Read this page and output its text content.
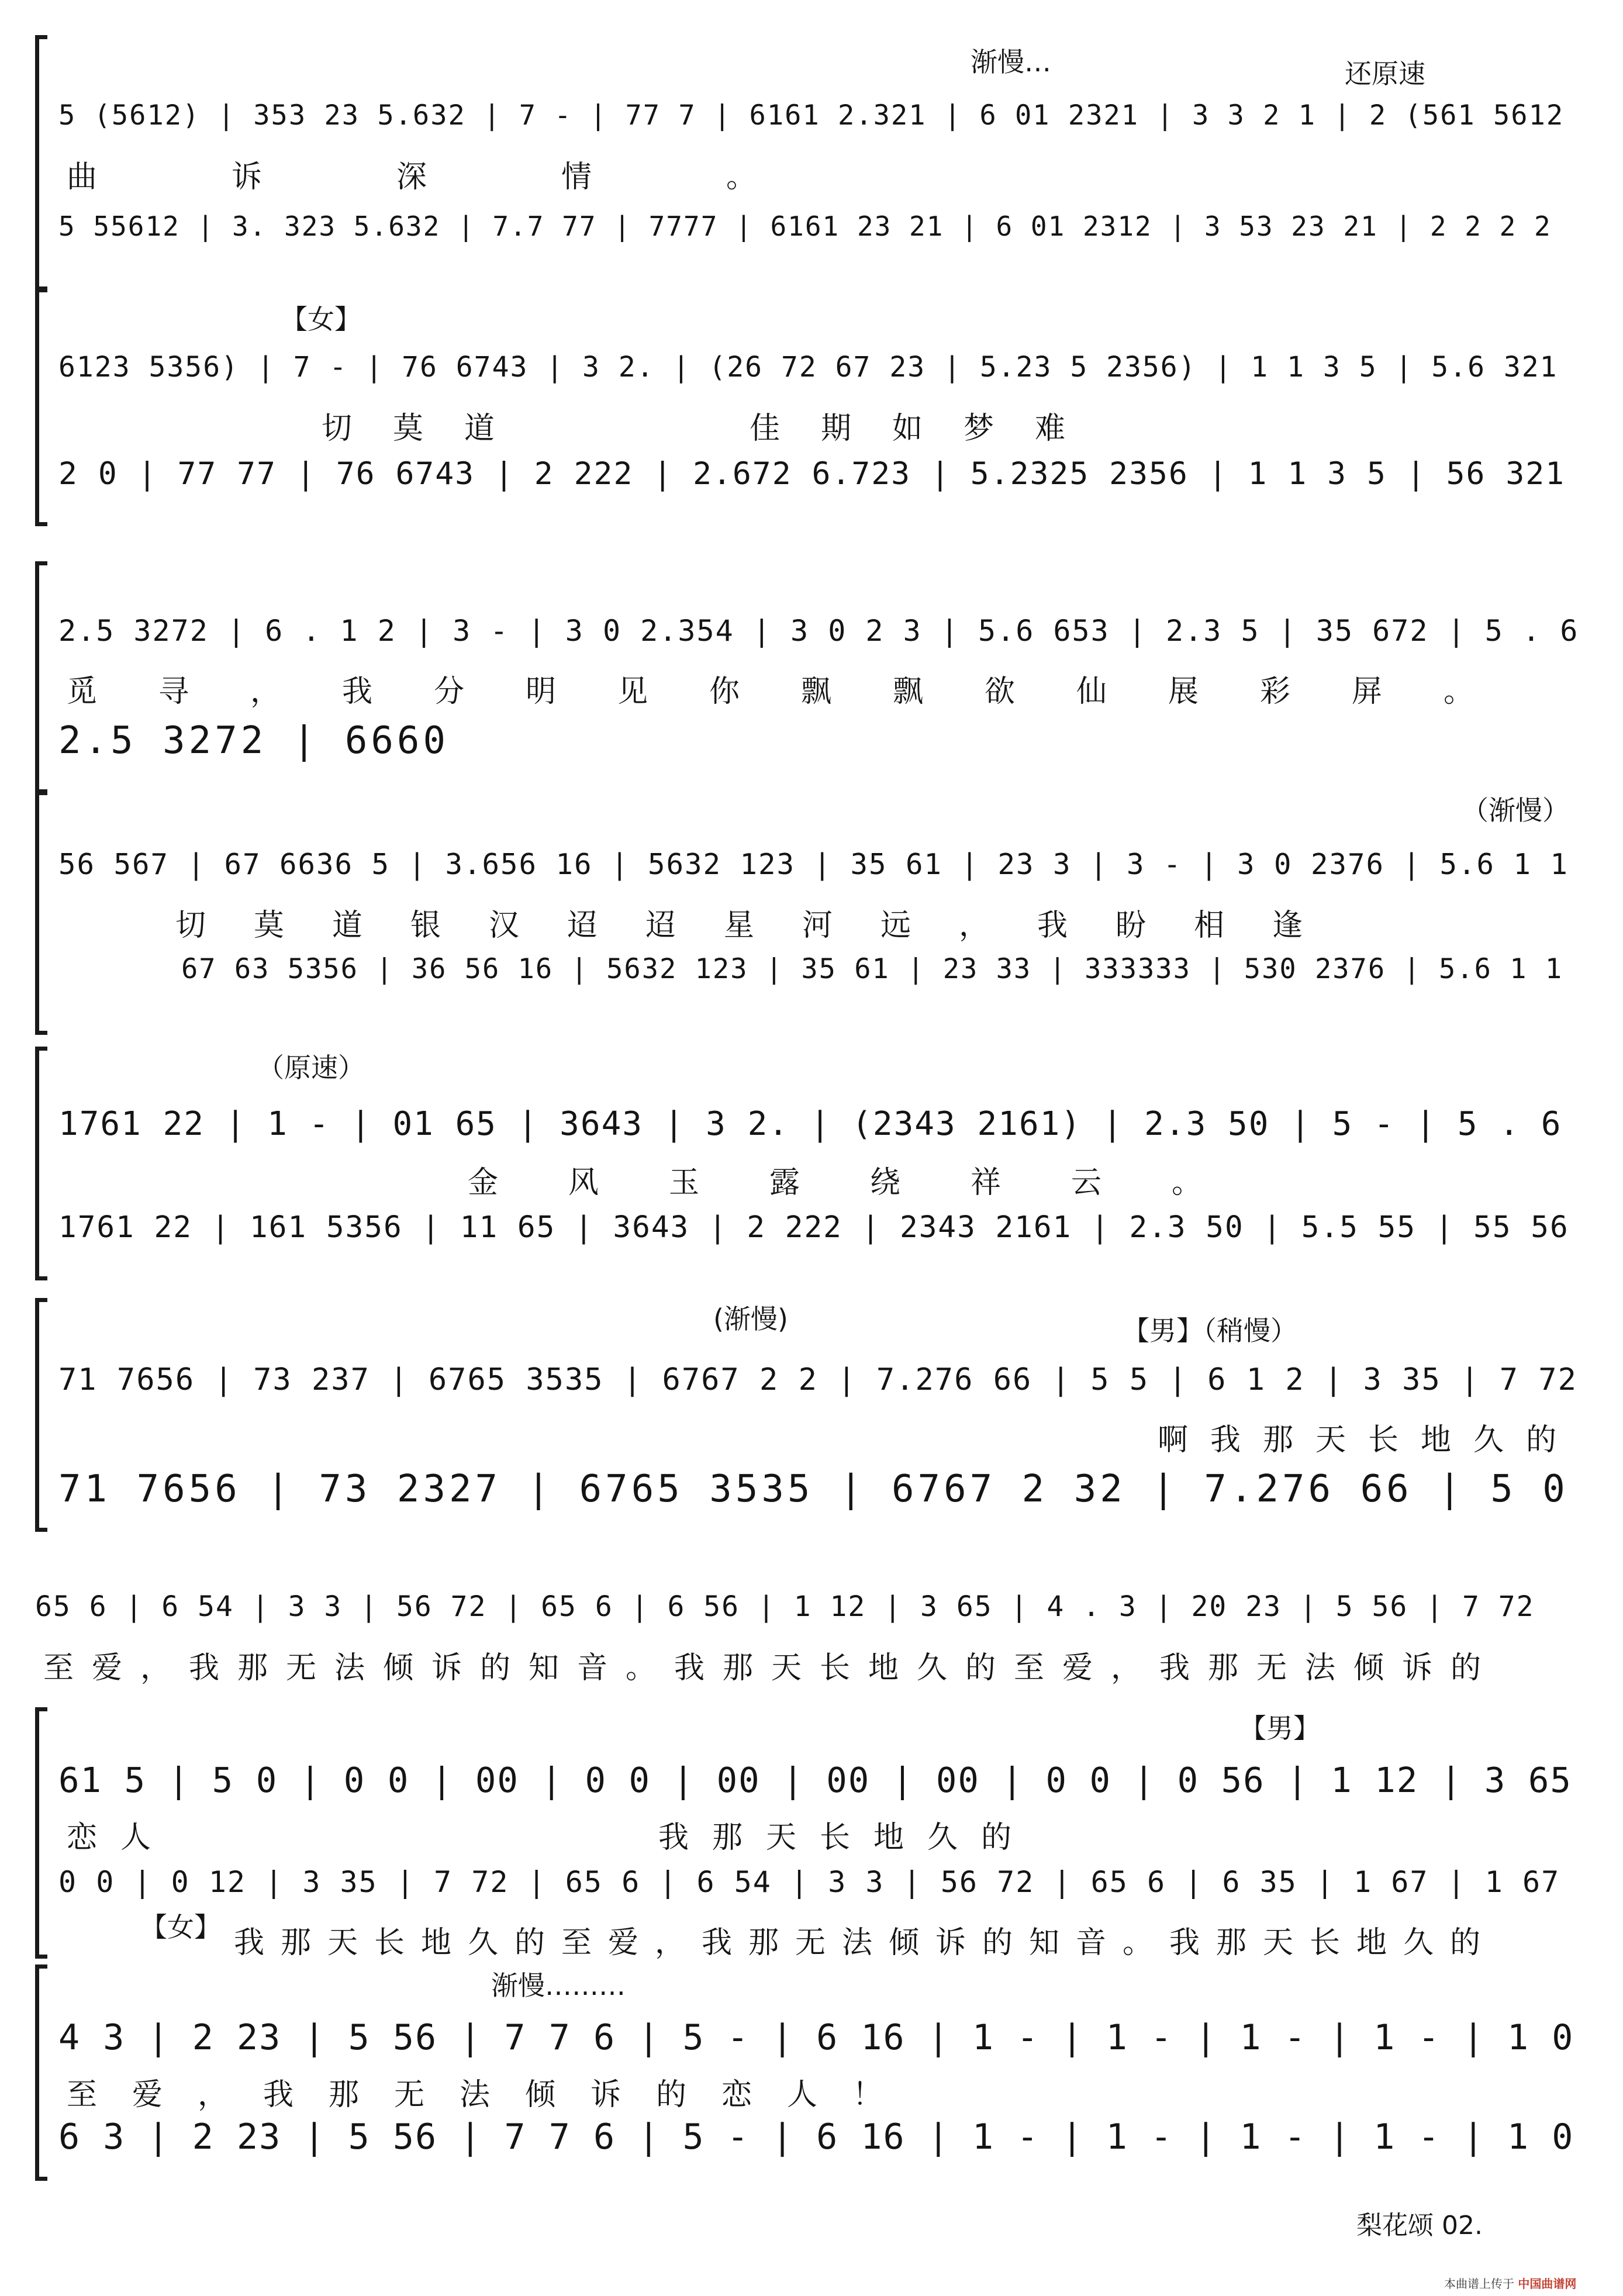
渐慢…	还原速
5 (5612) | 353 23 5.632 | 7 - | 77 7 | 6161 2.321 | 6 01 2321 | 3 3 2 1 | 2 (561 5612
曲诉深情。
5 55612 | 3. 323 5.632 | 7.7 77 | 7777 | 6161 23 21 | 6 01 2312 | 3 53 23 21 | 2 2 2 2
【女】
6123 5356) | 7 - | 76 6743 | 3 2. | (26 72 67 23 | 5.23 5 2356) | 1 1 3 5 | 5.6 321
切莫道　　　佳期如梦难
2 0 | 77 77 | 76 6743 | 2 222 | 2.672 6.723 | 5.2325 2356 | 1 1 3 5 | 56 321
2.5 3272 | 6 . 1 2 | 3 - | 3 0 2.354 | 3 0 2 3 | 5.6 653 | 2.3 5 | 35 672 | 5 . 6
觅寻，我分明见你飘飘欲仙展彩屏。
2.5 3272 | 6660
（渐慢）
56 567 | 67 6636 5 | 3.656 16 | 5632 123 | 35 61 | 23 3 | 3 - | 3 0 2376 | 5.6 1 1
切莫道银汉迢迢星河远，我盼相逢
67 63 5356 | 36 56 16 | 5632 123 | 35 61 | 23 33 | 333333 | 530 2376 | 5.6 1 1
（原速）
1761 22 | 1 - | 01 65 | 3643 | 3 2. | (2343 2161) | 2.3 50 | 5 - | 5 . 6
金风玉露绕祥云。
1761 22 | 161 5356 | 11 65 | 3643 | 2 222 | 2343 2161 | 2.3 50 | 5.5 55 | 55 56
(渐慢)	【男】（稍慢）
71 7656 | 73 237 | 6765 3535 | 6767 2 2 | 7.276 66 | 5 5 | 6 1 2 | 3 35 | 7 72
啊我那天长地久的
71 7656 | 73 2327 | 6765 3535 | 6767 2 32 | 7.276 66 | 5 0
65 6 | 6 54 | 3 3 | 56 72 | 65 6 | 6 56 | 1 12 | 3 65 | 4 . 3 | 20 23 | 5 56 | 7 72
至爱，我那无法倾诉的知音。我那天长地久的至爱，我那无法倾诉的
【男】
【女】
61 5 | 5 0 | 0 0 | 00 | 0 0 | 00 | 00 | 00 | 0 0 | 0 56 | 1 12 | 3 65
恋人　　　　　　　　　我那天长地久的
0 0 | 0 12 | 3 35 | 7 72 | 65 6 | 6 54 | 3 3 | 56 72 | 65 6 | 6 35 | 1 67 | 1 67
我那天长地久的至爱，我那无法倾诉的知音。我那天长地久的
渐慢………
4 3 | 2 23 | 5 56 | 7 7 6 | 5 - | 6 16 | 1 - | 1 - | 1 - | 1 - | 1 0
至爱，我那无法倾诉的恋人！
6 3 | 2 23 | 5 56 | 7 7 6 | 5 - | 6 16 | 1 - | 1 - | 1 - | 1 - | 1 0
梨花颂 02.
本曲谱上传于 中国曲谱网
